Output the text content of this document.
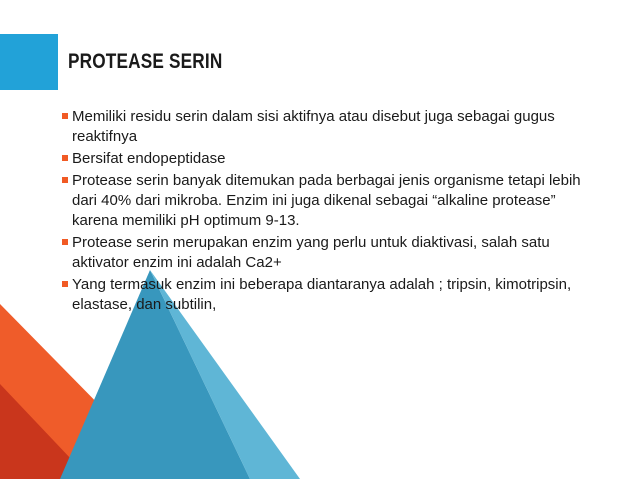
PROTEASE SERIN
Memiliki residu serin dalam sisi aktifnya atau disebut juga sebagai gugus reaktifnya
Bersifat endopeptidase
Protease serin banyak ditemukan pada berbagai jenis organisme tetapi lebih dari 40% dari mikroba. Enzim ini juga dikenal sebagai “alkaline protease” karena memiliki pH optimum 9-13.
Protease serin merupakan enzim yang perlu untuk diaktivasi, salah satu aktivator enzim ini adalah Ca2+
Yang termasuk enzim ini beberapa diantaranya adalah ; tripsin, kimotripsin, elastase, dan subtilin,
